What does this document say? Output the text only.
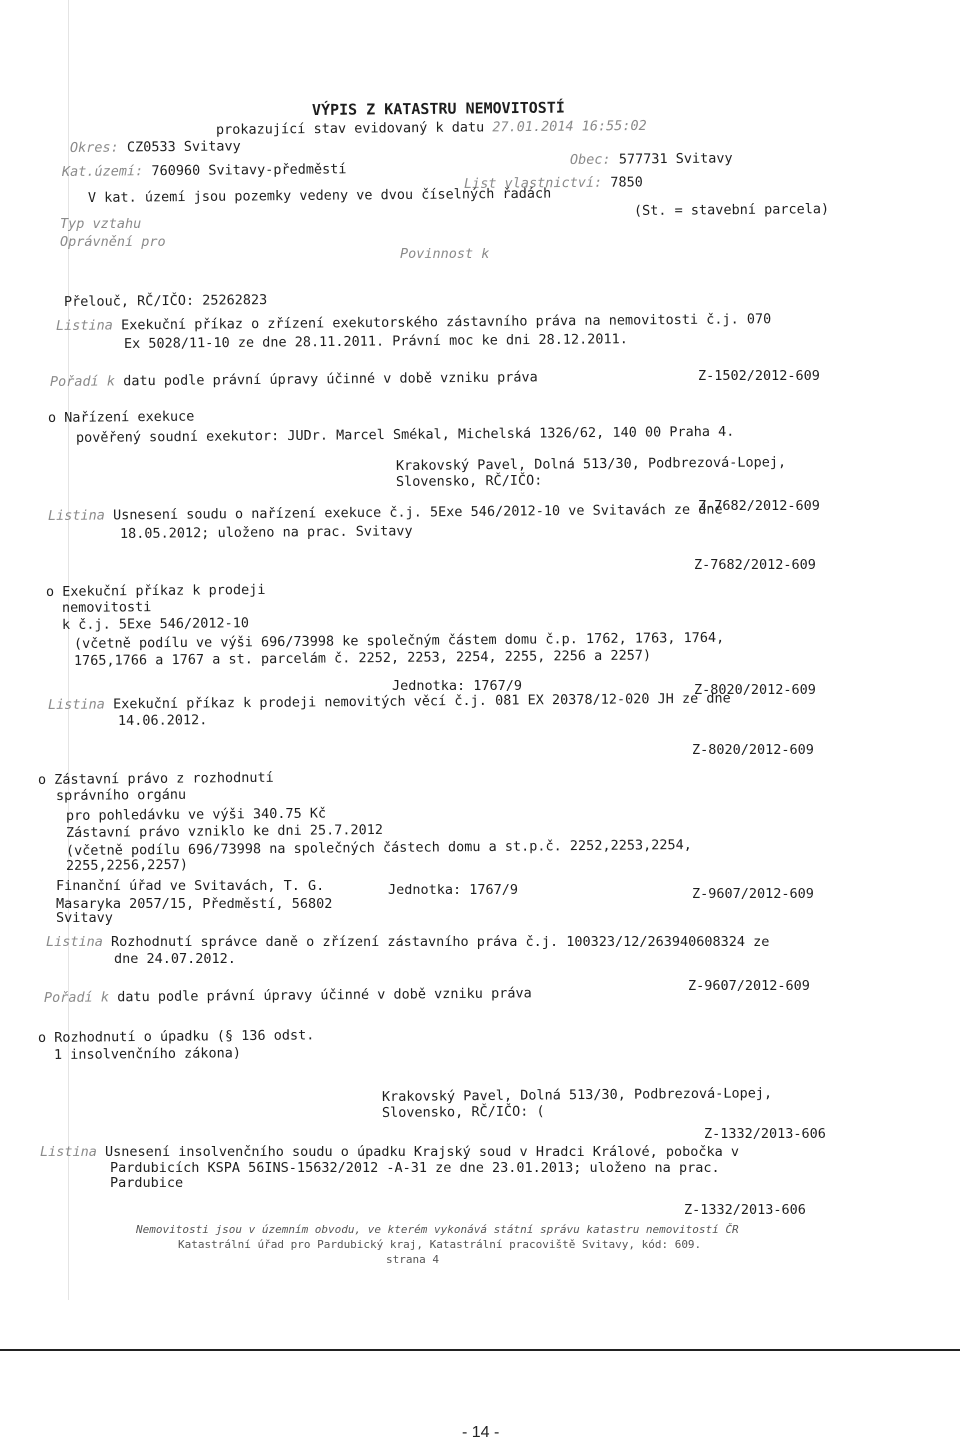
VÝPIS Z KATASTRU NEMOVITOSTÍ
prokazující stav evidovaný k datu 27.01.2014 16:55:02
Okres: CZ0533 Svitavy
Obec: 577731 Svitavy
Kat.území: 760960 Svitavy-předměstí
List vlastnictví: 7850
V kat. území jsou pozemky vedeny ve dvou číselných řadách
(St. = stavební parcela)
Typ vztahu
Oprávnění pro
Povinnost k
Přelouč, RČ/IČO: 25262823
Listina Exekuční příkaz o zřízení exekutorského zástavního práva na nemovitosti č.j. 070
Ex 5028/11-10 ze dne 28.11.2011. Právní moc ke dni 28.12.2011.
Pořadí k datu podle právní úpravy účinné v době vzniku práva	Z-1502/2012-609
o Nařízení exekuce
pověřený soudní exekutor: JUDr. Marcel Smékal, Michelská 1326/62, 140 00 Praha 4.
Krakovský Pavel, Dolná 513/30, Podbrezová-Lopej,
Slovensko, RČ/IČO:
Z-7682/2012-609
Listina Usnesení soudu o nařízení exekuce č.j. 5Exe 546/2012-10 ve Svitavách ze dne
18.05.2012; uloženo na prac. Svitavy
Z-7682/2012-609
o Exekuční příkaz k prodeji
nemovitosti
k č.j. 5Exe 546/2012-10
(včetně podílu ve výši 696/73998 ke společným částem domu č.p. 1762, 1763, 1764,
1765,1766 a 1767 a st. parcelám č. 2252, 2253, 2254, 2255, 2256 a 2257)
Jednotka: 1767/9	Z-8020/2012-609
Listina Exekuční příkaz k prodeji nemovitých věcí č.j. 081 EX 20378/12-020 JH ze dne
14.06.2012.
Z-8020/2012-609
o Zástavní právo z rozhodnutí
správního orgánu
pro pohledávku ve výši 340.75 Kč
Zástavní právo vzniklo ke dni 25.7.2012
(včetně podílu 696/73998 na společných částech domu a st.p.č. 2252,2253,2254,
2255,2256,2257)
Finanční úřad ve Svitavách, T. G.	Jednotka: 1767/9	Z-9607/2012-609
Masaryka 2057/15, Předměstí, 56802
Svitavy
Listina Rozhodnutí správce daně o zřízení zástavního práva č.j. 100323/12/263940608324 ze
dne 24.07.2012.
Z-9607/2012-609
Pořadí k datu podle právní úpravy účinné v době vzniku práva
o Rozhodnutí o úpadku (§ 136 odst.
1 insolvenčního zákona)
Krakovský Pavel, Dolná 513/30, Podbrezová-Lopej,
Slovensko, RČ/IČO: (
Z-1332/2013-606
Listina Usnesení insolvenčního soudu o úpadku Krajský soud v Hradci Králové, pobočka v
Pardubicích KSPA 56INS-15632/2012 -A-31 ze dne 23.01.2013; uloženo na prac.
Pardubice
Z-1332/2013-606
Nemovitosti jsou v územním obvodu, ve kterém vykonává státní správu katastru nemovitostí ČR
Katastrální úřad pro Pardubický kraj, Katastrální pracoviště Svitavy, kód: 609.
strana 4
- 14 -
